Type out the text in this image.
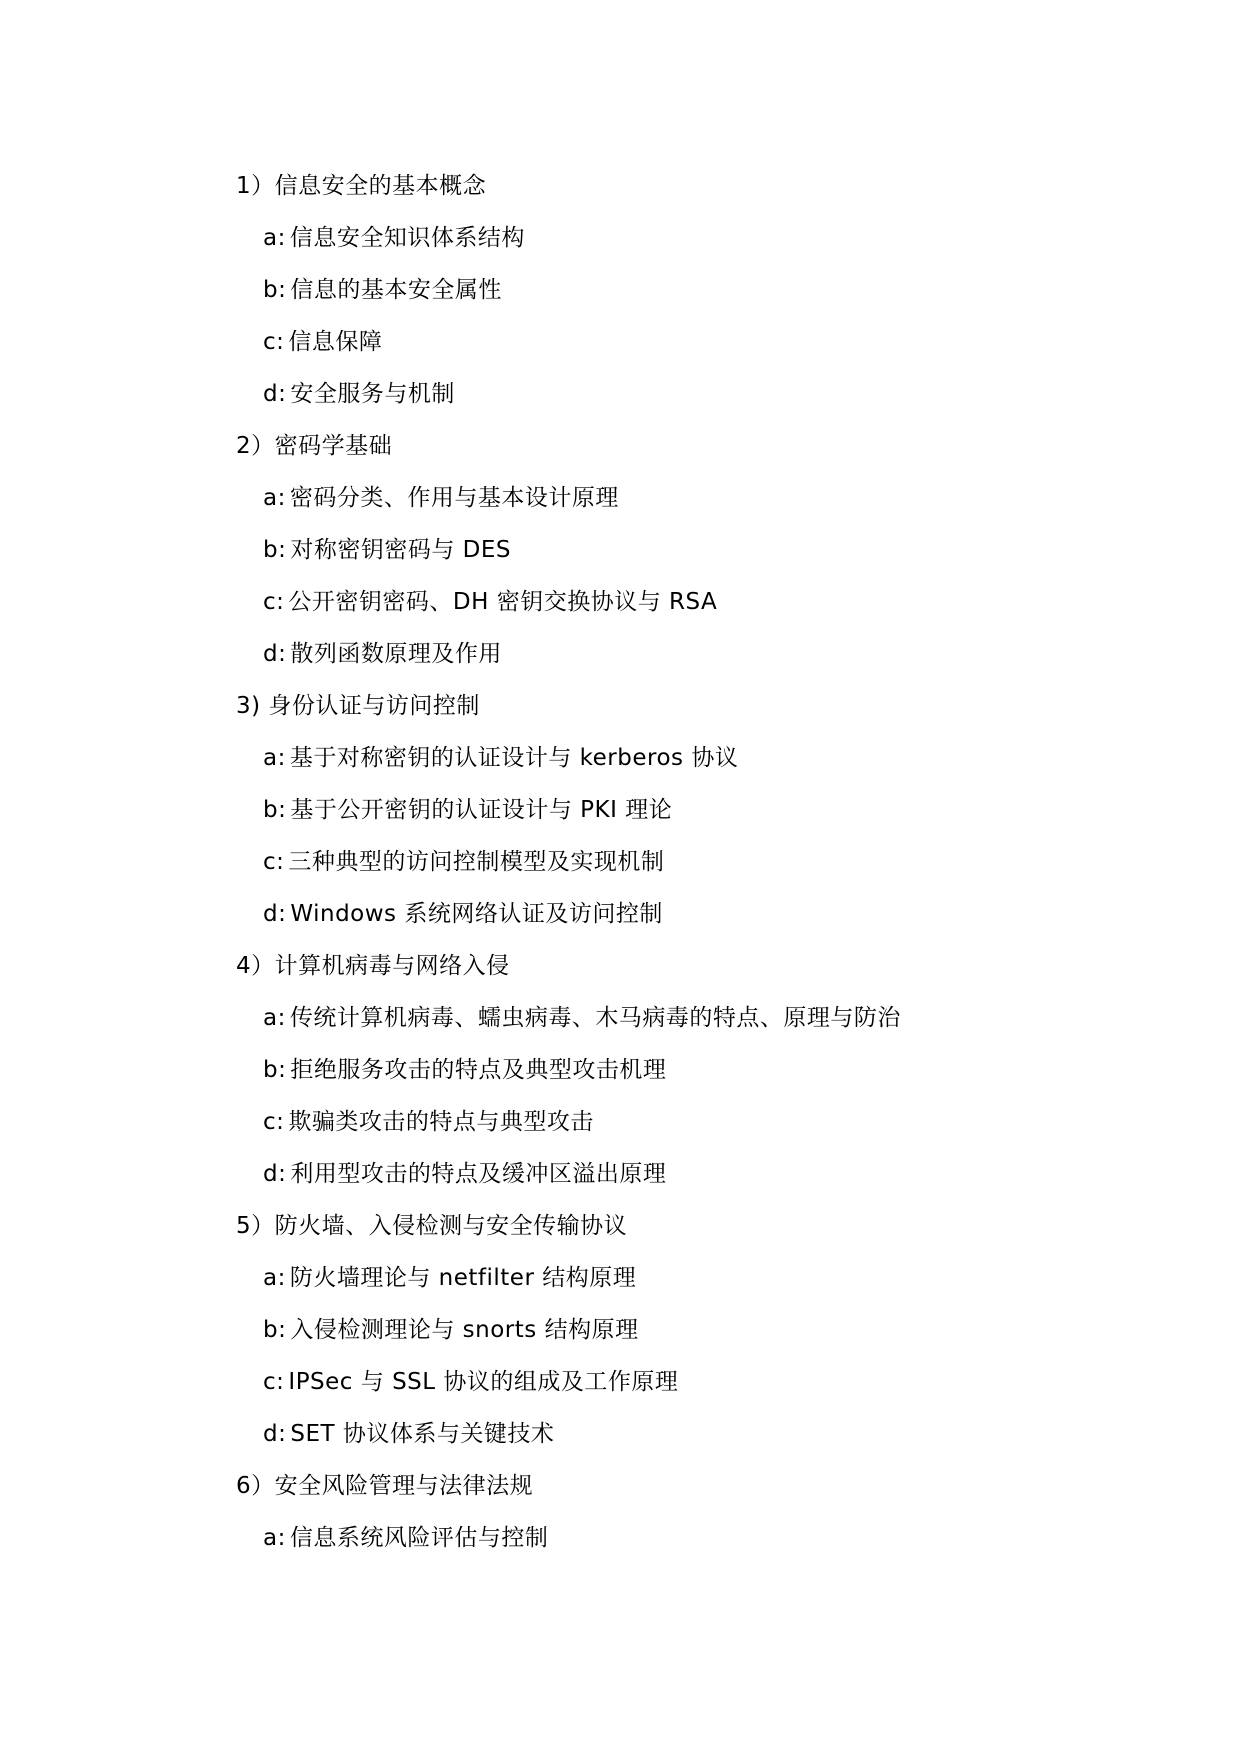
1）信息安全的基本概念
a: 信息安全知识体系结构
b: 信息的基本安全属性
c: 信息保障
d: 安全服务与机制
2）密码学基础
a: 密码分类、作用与基本设计原理
b: 对称密钥密码与 DES
c: 公开密钥密码、DH 密钥交换协议与 RSA
d: 散列函数原理及作用
3) 身份认证与访问控制
a: 基于对称密钥的认证设计与 kerberos 协议
b: 基于公开密钥的认证设计与 PKI 理论
c: 三种典型的访问控制模型及实现机制
d: Windows 系统网络认证及访问控制
4）计算机病毒与网络入侵
a: 传统计算机病毒、蠕虫病毒、木马病毒的特点、原理与防治
b: 拒绝服务攻击的特点及典型攻击机理
c: 欺骗类攻击的特点与典型攻击
d: 利用型攻击的特点及缓冲区溢出原理
5）防火墙、入侵检测与安全传输协议
a: 防火墙理论与 netfilter 结构原理
b: 入侵检测理论与 snorts 结构原理
c: IPSec 与 SSL 协议的组成及工作原理
d: SET 协议体系与关键技术
6）安全风险管理与法律法规
a: 信息系统风险评估与控制
